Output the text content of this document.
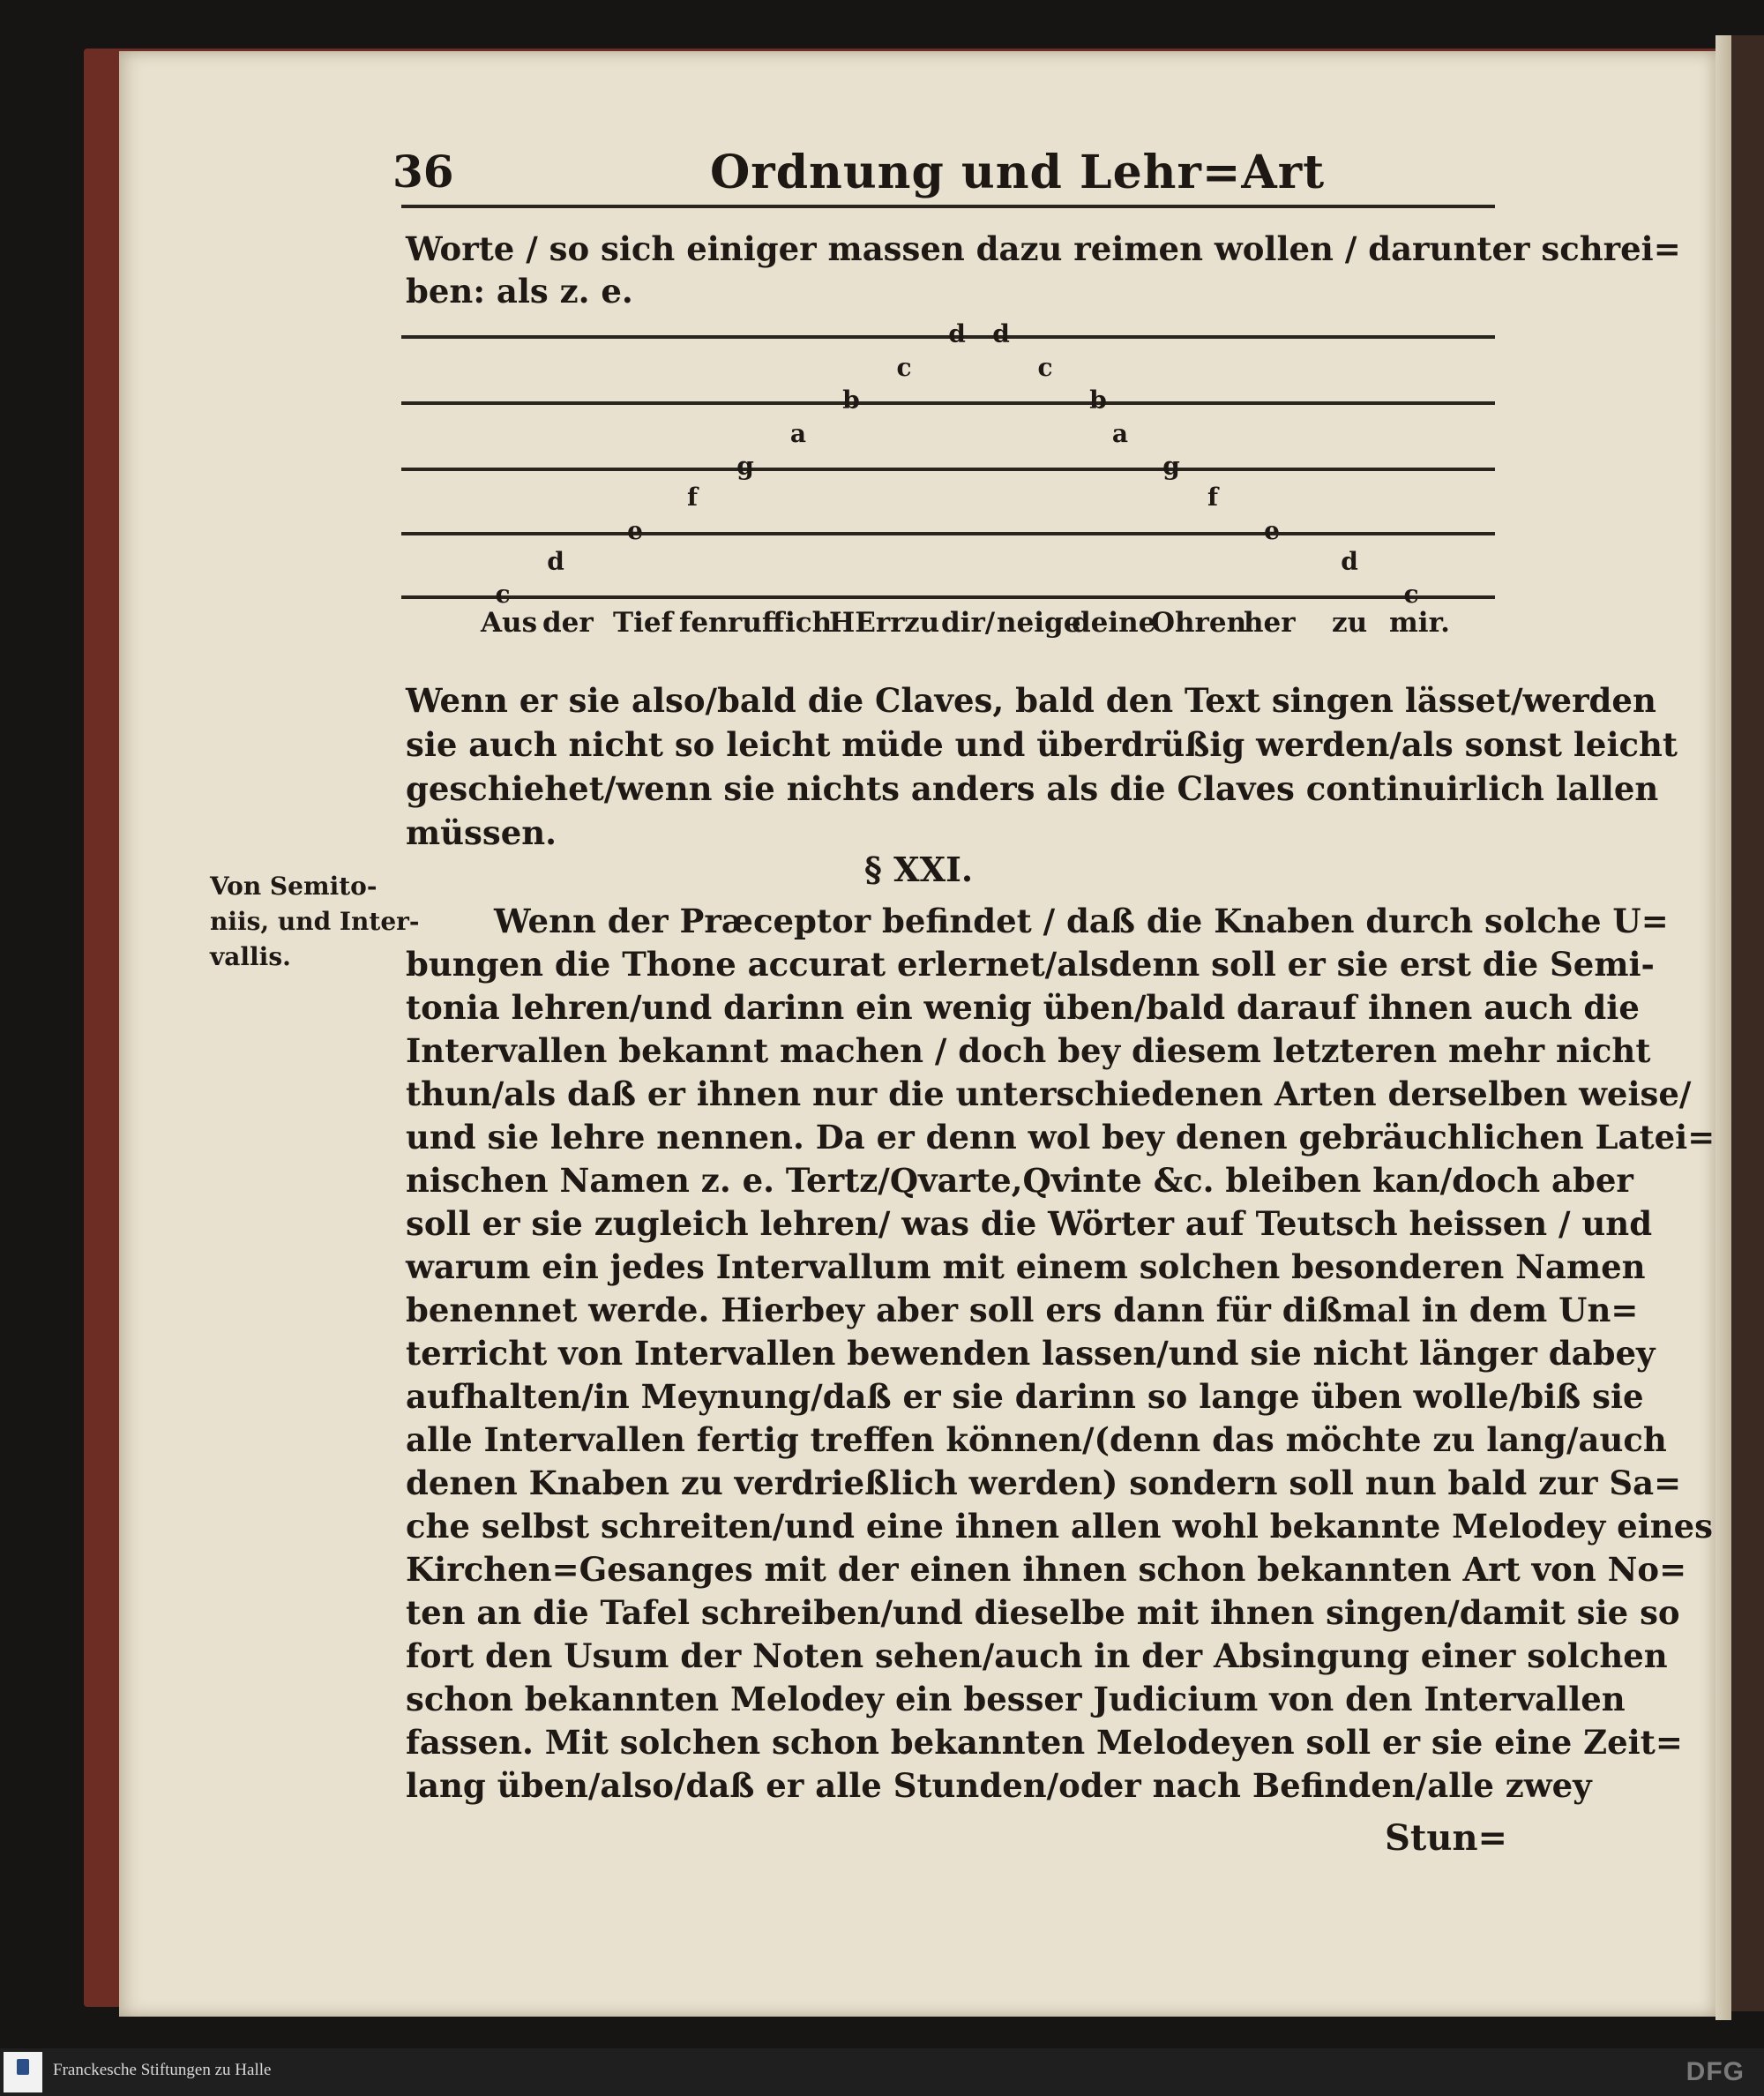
36	Ordnung und Lehr=Art
Worte / so sich einiger massen dazu reimen wollen / darunter schrei=
ben: als z. e.
c
d
e
f
g
a
b
c
d d
c
b
a
g
f
e
d
c
Aus der Tief fen ruff ich
HErr zu dir/ neige
deine
Ohren
her zu mir.
Wenn er sie also/bald die Claves, bald den Text singen lässet/werden
sie auch nicht so leicht müde und überdrüßig werden/als sonst leicht
geschiehet/wenn sie nichts anders als die Claves continuirlich lallen
müssen.
§ XXI.
Von Semito-
niis, und Inter-
vallis.
Wenn der Præceptor befindet / daß die Knaben durch solche U=
bungen die Thone accurat erlernet/alsdenn soll er sie erst die Semi-
tonia lehren/und darinn ein wenig üben/bald darauf ihnen auch die
Intervallen bekannt machen / doch bey diesem letzteren mehr nicht
thun/als daß er ihnen nur die unterschiedenen Arten derselben weise/
und sie lehre nennen. Da er denn wol bey denen gebräuchlichen Latei=
nischen Namen z. e. Tertz/Qvarte,Qvinte &c. bleiben kan/doch aber
soll er sie zugleich lehren/ was die Wörter auf Teutsch heissen / und
warum ein jedes Intervallum mit einem solchen besonderen Namen
benennet werde. Hierbey aber soll ers dann für dißmal in dem Un=
terricht von Intervallen bewenden lassen/und sie nicht länger dabey
aufhalten/in Meynung/daß er sie darinn so lange üben wolle/biß sie
alle Intervallen fertig treffen können/(denn das möchte zu lang/auch
denen Knaben zu verdrießlich werden) sondern soll nun bald zur Sa=
che selbst schreiten/und eine ihnen allen wohl bekannte Melodey eines
Kirchen=Gesanges mit der einen ihnen schon bekannten Art von No=
ten an die Tafel schreiben/und dieselbe mit ihnen singen/damit sie so
fort den Usum der Noten sehen/auch in der Absingung einer solchen
schon bekannten Melodey ein besser Judicium von den Intervallen
fassen. Mit solchen schon bekannten Melodeyen soll er sie eine Zeit=
lang üben/also/daß er alle Stunden/oder nach Befinden/alle zwey
Stun=
Franckesche Stiftungen zu Halle	DFG
